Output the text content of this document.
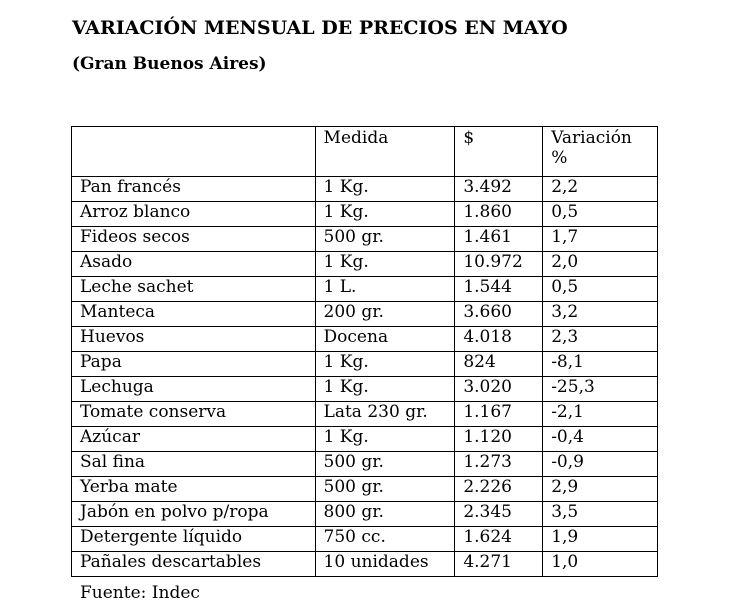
VARIACIÓN MENSUAL DE PRECIOS EN MAYO
(Gran Buenos Aires)
	Medida	$	Variación %
Pan francés	1 Kg.	3.492	2,2
Arroz blanco	1 Kg.	1.860	0,5
Fideos secos	500 gr.	1.461	1,7
Asado	1 Kg.	10.972	2,0
Leche sachet	1 L.	1.544	0,5
Manteca	200 gr.	3.660	3,2
Huevos	Docena	4.018	2,3
Papa	1 Kg.	824	-8,1
Lechuga	1 Kg.	3.020	-25,3
Tomate conserva	Lata 230 gr.	1.167	-2,1
Azúcar	1 Kg.	1.120	-0,4
Sal fina	500 gr.	1.273	-0,9
Yerba mate	500 gr.	2.226	2,9
Jabón en polvo p/ropa	800 gr.	2.345	3,5
Detergente líquido	750 cc.	1.624	1,9
Pañales descartables	10 unidades	4.271	1,0
Fuente: Indec
